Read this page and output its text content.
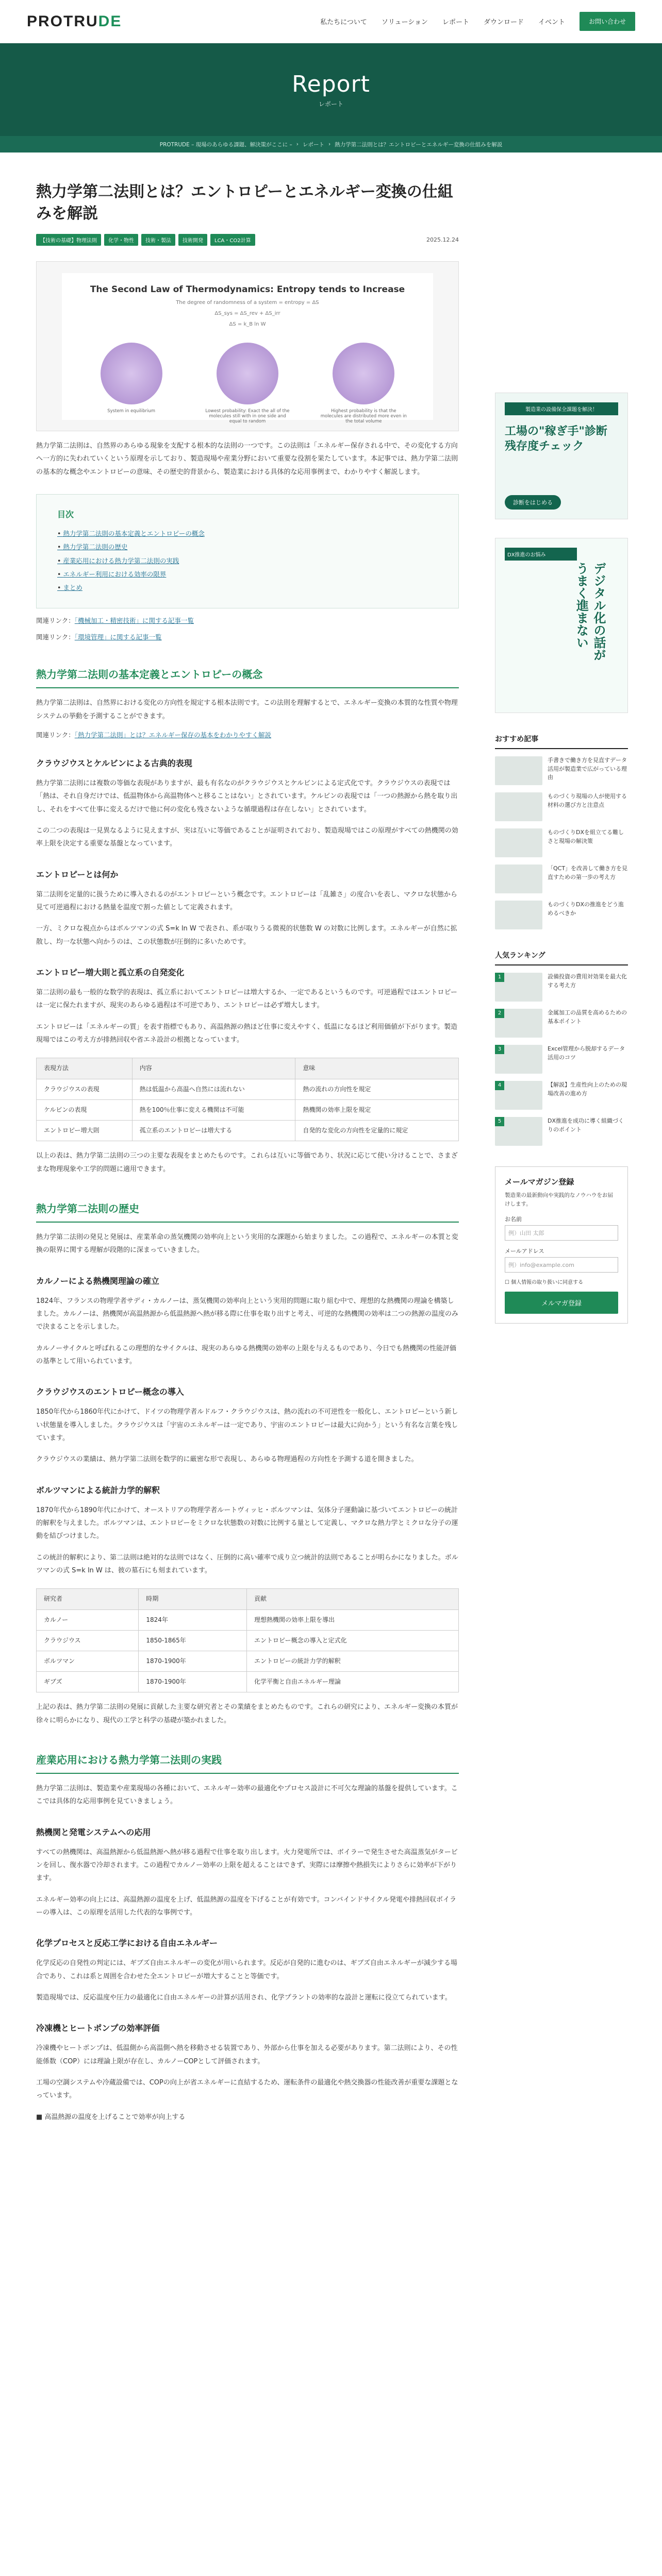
PROTRUDE	私たちについて ソリューション レポート ダウンロード イベント	お問い合わせ
Report
レポート
PROTRUDE – 現場のあらゆる課題、解決策がここに – › レポート › 熱力学第二法則とは？エントロピーとエネルギー変換の仕組みを解説
熱力学第二法則とは？エントロピーとエネルギー変換の仕組みを解説
【技術の基礎】物理法則	化学・物性	技術・製法	技術開発	LCA・CO2計算	2025.12.24
The Second Law of Thermodynamics: Entropy tends to Increase
The degree of randomness of a system = entropy = ΔS
ΔS_sys = ΔS_rev + ΔS_irr
ΔS = k_B ln W
System in equilibrium	Lowest probability: Exact the all of the molecules still with in one side and equal to random
Highest probability is that the molecules are distributed more even in the total volume

熱力学第二法則は、自然界のあらゆる現象を支配する根本的な法則の一つです。この法則は「エネルギー保存される中で、その変化する方向へ一方的に失われていくという原理を示しており、製造現場や産業分野において重要な役割を果たしています。本記事では、熱力学第二法則の基本的な概念やエントロピーの意味、その歴史的背景から、製造業における具体的な応用事例まで、わかりやすく解説します。

目次
• 熱力学第二法則の基本定義とエントロピーの概念
• 熱力学第二法則の歴史
• 産業応用における熱力学第二法則の実践
• エネルギー利用における効率の限界
• まとめ
関連リンク：「機械加工・精密技術」に関する記事一覧
関連リンク：「環境管理」に関する記事一覧
熱力学第二法則の基本定義とエントロピーの概念

熱力学第二法則は、自然界における変化の方向性を規定する根本法則です。この法則を理解するとで、エネルギー変換の本質的な性質や物理システムの挙動を予測することができます。

関連リンク：「熱力学第二法則」とは？エネルギー保存の基本をわかりやすく解説
クラウジウスとケルビンによる古典的表現

熱力学第二法則には複数の等価な表現がありますが、最も有名なのがクラウジウスとケルビンによる定式化です。クラウジウスの表現では「熱は、それ自身だけでは、低温物体から高温物体へと移ることはない」とされています。ケルビンの表現では「一つの熱源から熱を取り出し、それをすべて仕事に変えるだけで他に何の変化も残さないような循環過程は存在しない」とされています。

この二つの表現は一見異なるように見えますが、実は互いに等価であることが証明されており、製造現場ではこの原理がすべての熱機関の効率上限を決定する重要な基盤となっています。

エントロピーとは何か

第二法則を定量的に扱うために導入されるのがエントロピーという概念です。エントロピーは「乱雑さ」の度合いを表し、マクロな状態から見て可逆過程における熱量を温度で割った値として定義されます。

一方、ミクロな視点からはボルツマンの式 S=k ln W で表され、系が取りうる微視的状態数 W の対数に比例します。エネルギーが自然に拡散し、均一な状態へ向かうのは、この状態数が圧倒的に多いためです。

エントロピー増大則と孤立系の自発変化

第二法則の最も一般的な数学的表現は、孤立系においてエントロピーは増大するか、一定であるというものです。可逆過程ではエントロピーは一定に保たれますが、現実のあらゆる過程は不可逆であり、エントロピーは必ず増大します。

エントロピーは「エネルギーの質」を表す指標でもあり、高温熱源の熱ほど仕事に変えやすく、低温になるほど利用価値が下がります。製造現場ではこの考え方が排熱回収や省エネ設計の根拠となっています。

表現方法	内容	意味
クラウジウスの表現	熱は低温から高温へ自然には流れない	熱の流れの方向性を規定
ケルビンの表現	熱を100％仕事に変える機関は不可能	熱機関の効率上限を規定
エントロピー増大則	孤立系のエントロピーは増大する	自発的な変化の方向性を定量的に規定

以上の表は、熱力学第二法則の三つの主要な表現をまとめたものです。これらは互いに等価であり、状況に応じて使い分けることで、さまざまな物理現象や工学的問題に適用できます。

熱力学第二法則の歴史

熱力学第二法則の発見と発展は、産業革命の蒸気機関の効率向上という実用的な課題から始まりました。この過程で、エネルギーの本質と変換の限界に関する理解が段階的に深まっていきました。

カルノーによる熱機関理論の確立

1824年、フランスの物理学者サディ・カルノーは、蒸気機関の効率向上という実用的問題に取り組む中で、理想的な熱機関の理論を構築しました。カルノーは、熱機関が高温熱源から低温熱源へ熱が移る際に仕事を取り出すと考え、可逆的な熱機関の効率は二つの熱源の温度のみで決まることを示しました。

カルノーサイクルと呼ばれるこの理想的なサイクルは、現実のあらゆる熱機関の効率の上限を与えるものであり、今日でも熱機関の性能評価の基準として用いられています。

クラウジウスのエントロピー概念の導入

1850年代から1860年代にかけて、ドイツの物理学者ルドルフ・クラウジウスは、熱の流れの不可逆性を一般化し、エントロピーという新しい状態量を導入しました。クラウジウスは「宇宙のエネルギーは一定であり、宇宙のエントロピーは最大に向かう」という有名な言葉を残しています。

クラウジウスの業績は、熱力学第二法則を数学的に厳密な形で表現し、あらゆる物理過程の方向性を予測する道を開きました。

ボルツマンによる統計力学的解釈

1870年代から1890年代にかけて、オーストリアの物理学者ルートヴィッヒ・ボルツマンは、気体分子運動論に基づいてエントロピーの統計的解釈を与えました。ボルツマンは、エントロピーをミクロな状態数の対数に比例する量として定義し、マクロな熱力学とミクロな分子の運動を結びつけました。

この統計的解釈により、第二法則は絶対的な法則ではなく、圧倒的に高い確率で成り立つ統計的法則であることが明らかになりました。ボルツマンの式 S=k ln W は、彼の墓石にも刻まれています。

研究者	時期	貢献
カルノー	1824年	理想熱機関の効率上限を導出
クラウジウス	1850-1865年	エントロピー概念の導入と定式化
ボルツマン	1870-1900年	エントロピーの統計力学的解釈
ギブズ	1870-1900年	化学平衡と自由エネルギー理論

上記の表は、熱力学第二法則の発展に貢献した主要な研究者とその業績をまとめたものです。これらの研究により、エネルギー変換の本質が徐々に明らかになり、現代の工学と科学の基礎が築かれました。

産業応用における熱力学第二法則の実践

熱力学第二法則は、製造業や産業現場の各種において、エネルギー効率の最適化やプロセス設計に不可欠な理論的基盤を提供しています。ここでは具体的な応用事例を見ていきましょう。

熱機関と発電システムへの応用

すべての熱機関は、高温熱源から低温熱源へ熱が移る過程で仕事を取り出します。火力発電所では、ボイラーで発生させた高温蒸気がタービンを回し、復水器で冷却されます。この過程でカルノー効率の上限を超えることはできず、実際には摩擦や熱損失によりさらに効率が下がります。

エネルギー効率の向上には、高温熱源の温度を上げ、低温熱源の温度を下げることが有効です。コンバインドサイクル発電や排熱回収ボイラーの導入は、この原理を活用した代表的な事例です。

化学プロセスと反応工学における自由エネルギー

化学反応の自発性の判定には、ギブズ自由エネルギーの変化が用いられます。反応が自発的に進むのは、ギブズ自由エネルギーが減少する場合であり、これは系と周囲を合わせた全エントロピーが増大することと等価です。

製造現場では、反応温度や圧力の最適化に自由エネルギーの計算が活用され、化学プラントの効率的な設計と運転に役立てられています。

冷凍機とヒートポンプの効率評価

冷凍機やヒートポンプは、低温側から高温側へ熱を移動させる装置であり、外部から仕事を加える必要があります。第二法則により、その性能係数（COP）には理論上限が存在し、カルノーCOPとして評価されます。

工場の空調システムや冷蔵設備では、COPの向上が省エネルギーに直結するため、運転条件の最適化や熱交換器の性能改善が重要な課題となっています。

■ 高温熱源の温度を上げることで効率が向上する

製造業の設備保全課題を解決！
工場の"稼ぎ手"診断
残存度チェック
診断をはじめる
DX推進のお悩み
デジタル化の話が
うまく進まない
おすすめ記事
手書きで働き方を見直すデータ活用が製造業で広がっている理由
ものづくり現場の人が使用する材料の選び方と注意点
ものづくりDXを組立てる難しさと現場の解決策
「QCT」を改善して働き方を見直すための第一歩の考え方
ものづくりDXの推進をどう進めるべきか
人気ランキング
1	設備投資の費用対効果を最大化する考え方
2	金属加工の品質を高めるための基本ポイント
3	Excel管理から脱却するデータ活用のコツ
4	【解説】生産性向上のための現場改善の進め方
5	DX推進を成功に導く組織づくりのポイント
メールマガジン登録
製造業の最新動向や実践的なノウハウをお届けします。
お名前
例）山田 太郎
メールアドレス
例）info@example.com
☐ 個人情報の取り扱いに同意する
メルマガ登録
